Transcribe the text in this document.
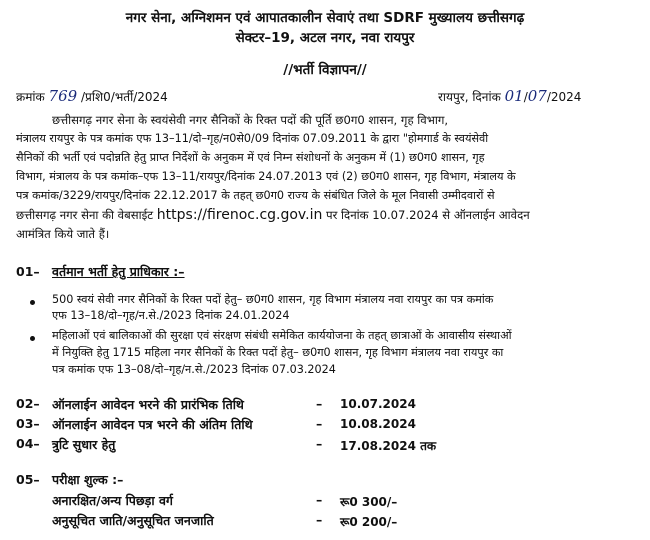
नगर सेना, अग्निशमन एवं आपातकालीन सेवाएं तथा SDRF मुख्यालय छत्तीसगढ़
सेक्टर–19, अटल नगर, नवा रायपुर
//भर्ती विज्ञापन//
क्रमांक 769 /प्रशि0/भर्ती/2024	रायपुर, दिनांक 01/07/2024
छत्तीसगढ़ नगर सेना के स्वयंसेवी नगर सैनिकों के रिक्त पदों की पूर्ति छ0ग0 शासन, गृह विभाग,
मंत्रालय रायपुर के पत्र कमांक एफ 13–11/दो–गृह/न0से0/09 दिनांक 07.09.2011 के द्वारा "होमगार्ड के स्वयंसेवी
सैनिकों की भर्ती एवं पदोन्नति हेतु प्राप्त निर्देशों के अनुकम में एवं निम्न संशोधनों के अनुकम में (1) छ0ग0 शासन, गृह
विभाग, मंत्रालय के पत्र कमांक–एफ 13–11/रायपुर/दिनांक 24.07.2013 एवं (2) छ0ग0 शासन, गृह विभाग, मंत्रालय के
पत्र कमांक/3229/रायपुर/दिनांक 22.12.2017 के तहत् छ0ग0 राज्य के संबंधित जिले के मूल निवासी उम्मीदवारों से
छत्तीसगढ़ नगर सेना की वेबसाईट https://firenoc.cg.gov.in पर दिनांक 10.07.2024 से ऑनलाईन आवेदन
आमंत्रित किये जाते हैं।
01– वर्तमान भर्ती हेतु प्राधिकार :–
500 स्वयं सेवी नगर सैनिकों के रिक्त पदों हेतु– छ0ग0 शासन, गृह विभाग मंत्रालय नवा रायपुर का पत्र कमांक
एफ 13–18/दो–गृह/न.से./2023 दिनांक 24.01.2024
महिलाओं एवं बालिकाओं की सुरक्षा एवं संरक्षण संबंधी समेकित कार्ययोजना के तहत् छात्राओं के आवासीय संस्थाओं
में नियुक्ति हेतु 1715 महिला नगर सैनिकों के रिक्त पदों हेतु– छ0ग0 शासन, गृह विभाग मंत्रालय नवा रायपुर का
पत्र कमांक एफ 13–08/दो–गृह/न.से./2023 दिनांक 07.03.2024
02– ऑनलाईन आवेदन भरने की प्रारंभिक तिथि	– 10.07.2024
03– ऑनलाईन आवेदन पत्र भरने की अंतिम तिथि	– 10.08.2024
04– त्रुटि सुधार हेतु	– 17.08.2024 तक
05– परीक्षा शुल्क :–
अनारक्षित/अन्य पिछड़ा वर्ग	– रू0 300/–
अनुसूचित जाति/अनुसूचित जनजाति	– रू0 200/–
